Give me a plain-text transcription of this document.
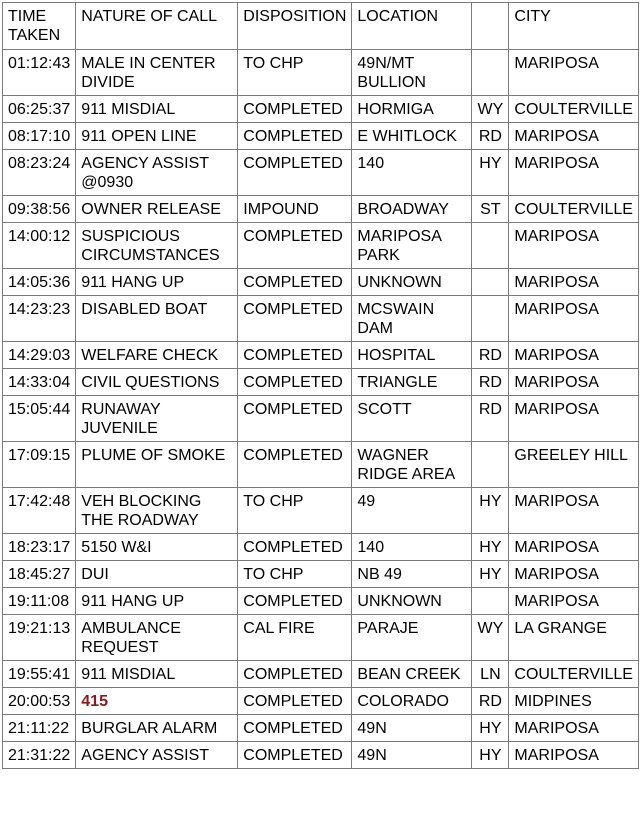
TIME TAKEN	NATURE OF CALL	DISPOSITION	LOCATION		CITY
01:12:43	MALE IN CENTER DIVIDE	TO CHP	49N/MT BULLION		MARIPOSA
06:25:37	911 MISDIAL	COMPLETED	HORMIGA	WY	COULTERVILLE
08:17:10	911 OPEN LINE	COMPLETED	E WHITLOCK	RD	MARIPOSA
08:23:24	AGENCY ASSIST @0930	COMPLETED	140	HY	MARIPOSA
09:38:56	OWNER RELEASE	IMPOUND	BROADWAY	ST	COULTERVILLE
14:00:12	SUSPICIOUS CIRCUMSTANCES	COMPLETED	MARIPOSA PARK		MARIPOSA
14:05:36	911 HANG UP	COMPLETED	UNKNOWN		MARIPOSA
14:23:23	DISABLED BOAT	COMPLETED	MCSWAIN DAM		MARIPOSA
14:29:03	WELFARE CHECK	COMPLETED	HOSPITAL	RD	MARIPOSA
14:33:04	CIVIL QUESTIONS	COMPLETED	TRIANGLE	RD	MARIPOSA
15:05:44	RUNAWAY JUVENILE	COMPLETED	SCOTT	RD	MARIPOSA
17:09:15	PLUME OF SMOKE	COMPLETED	WAGNER RIDGE AREA		GREELEY HILL
17:42:48	VEH BLOCKING THE ROADWAY	TO CHP	49	HY	MARIPOSA
18:23:17	5150 W&I	COMPLETED	140	HY	MARIPOSA
18:45:27	DUI	TO CHP	NB 49	HY	MARIPOSA
19:11:08	911 HANG UP	COMPLETED	UNKNOWN		MARIPOSA
19:21:13	AMBULANCE REQUEST	CAL FIRE	PARAJE	WY	LA GRANGE
19:55:41	911 MISDIAL	COMPLETED	BEAN CREEK	LN	COULTERVILLE
20:00:53	415	COMPLETED	COLORADO	RD	MIDPINES
21:11:22	BURGLAR ALARM	COMPLETED	49N	HY	MARIPOSA
21:31:22	AGENCY ASSIST	COMPLETED	49N	HY	MARIPOSA
